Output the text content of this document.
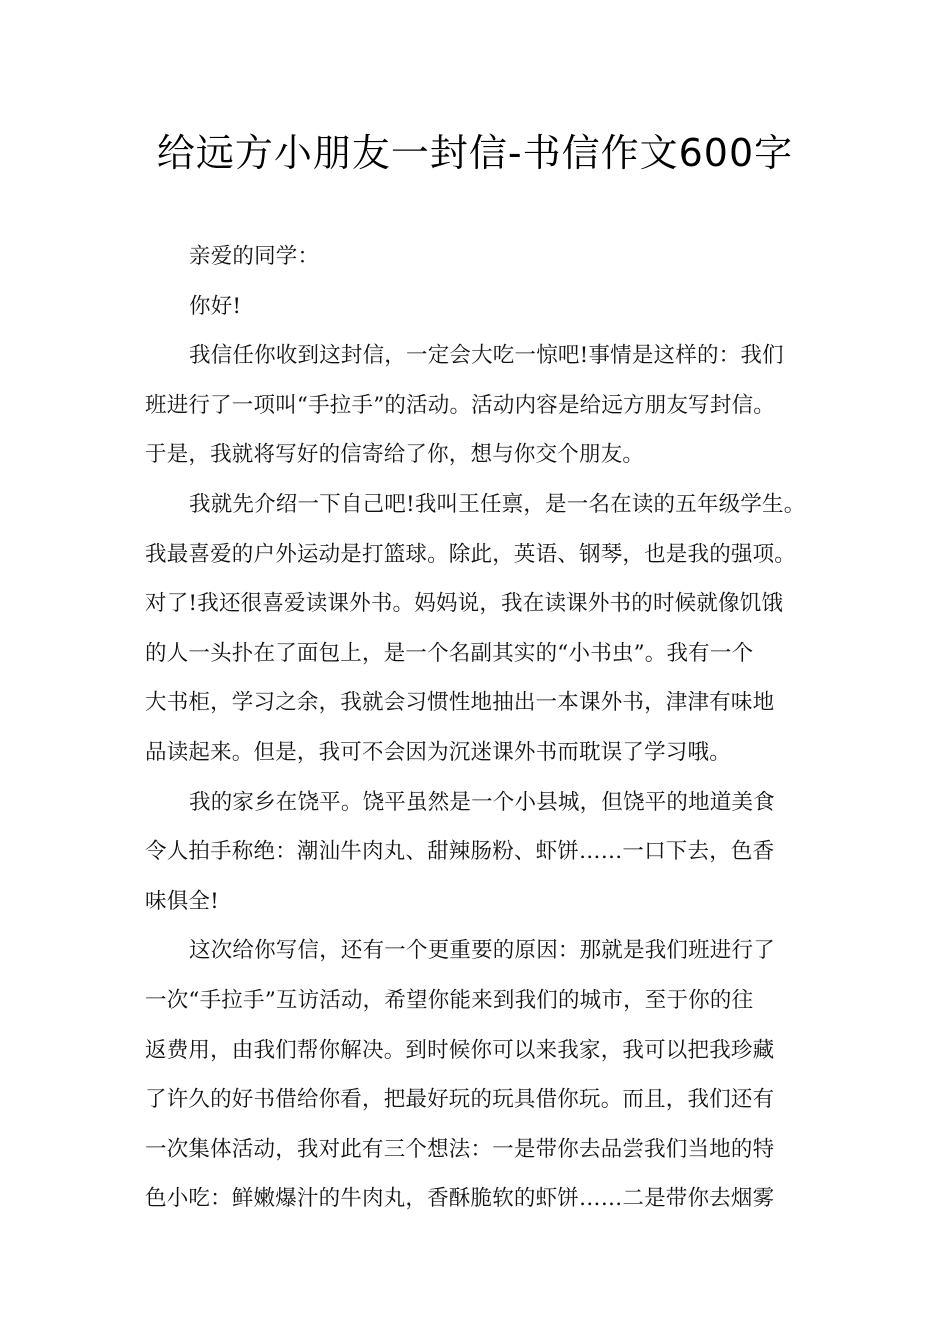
给远方小朋友一封信-书信作文600字
亲爱的同学：
你好!
我信任你收到这封信，一定会大吃一惊吧!事情是这样的：我们
班进行了一项叫“手拉手”的活动。活动内容是给远方朋友写封信。
于是，我就将写好的信寄给了你，想与你交个朋友。
我就先介绍一下自己吧!我叫王任禀，是一名在读的五年级学生。
我最喜爱的户外运动是打篮球。除此，英语、钢琴，也是我的强项。
对了!我还很喜爱读课外书。妈妈说，我在读课外书的时候就像饥饿
的人一头扑在了面包上，是一个名副其实的“小书虫”。我有一个
大书柜，学习之余，我就会习惯性地抽出一本课外书，津津有味地
品读起来。但是，我可不会因为沉迷课外书而耽误了学习哦。
我的家乡在饶平。饶平虽然是一个小县城，但饶平的地道美食
令人拍手称绝：潮汕牛肉丸、甜辣肠粉、虾饼……一口下去，色香
味俱全!
这次给你写信，还有一个更重要的原因：那就是我们班进行了
一次“手拉手”互访活动，希望你能来到我们的城市，至于你的往
返费用，由我们帮你解决。到时候你可以来我家，我可以把我珍藏
了许久的好书借给你看，把最好玩的玩具借你玩。而且，我们还有
一次集体活动，我对此有三个想法：一是带你去品尝我们当地的特
色小吃：鲜嫩爆汁的牛肉丸，香酥脆软的虾饼……二是带你去烟雾
